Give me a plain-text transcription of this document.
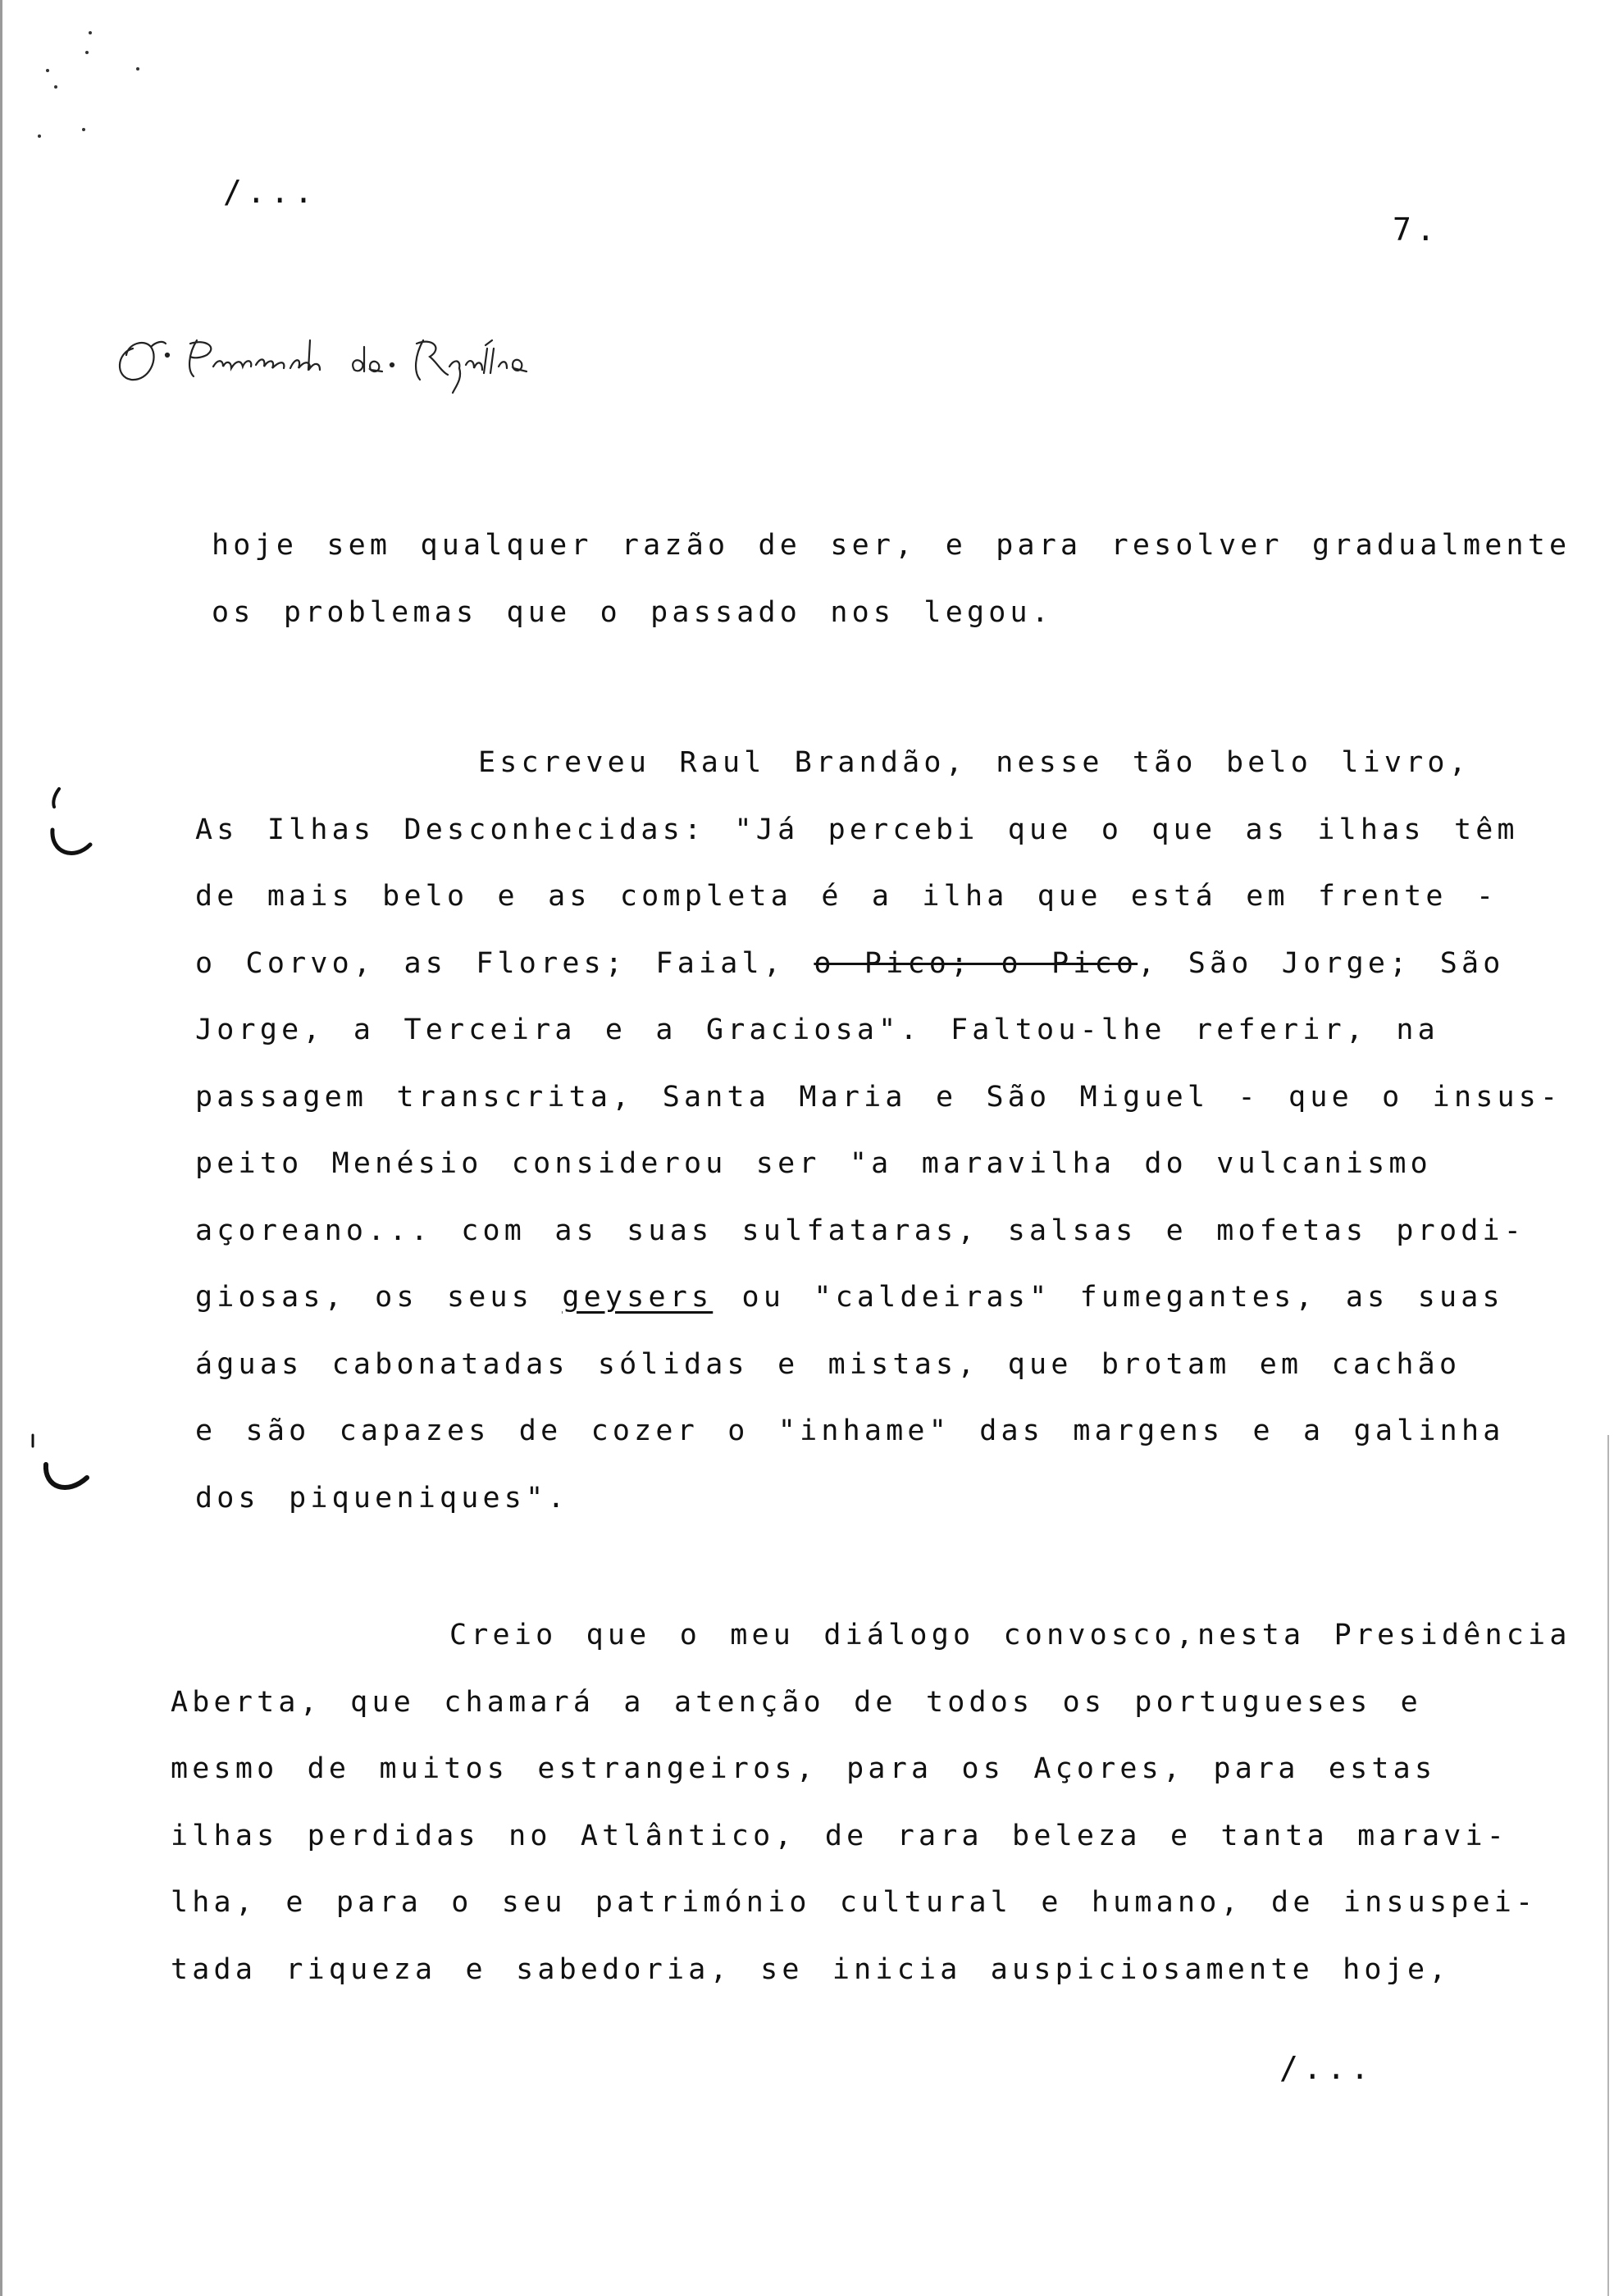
/...
7.
hoje sem qualquer razão de ser, e para resolver gradualmente
os problemas que o passado nos legou.
Escreveu Raul Brandão, nesse tão belo livro,
As Ilhas Desconhecidas: "Já percebi que o que as ilhas têm
de mais belo e as completa é a ilha que está em frente -
o Corvo, as Flores; Faial, o Pico; o Pico, São Jorge; São
Jorge, a Terceira e a Graciosa". Faltou-lhe referir, na
passagem transcrita, Santa Maria e São Miguel - que o insus-
peito Menésio considerou ser "a maravilha do vulcanismo
açoreano... com as suas sulfataras, salsas e mofetas prodi-
giosas, os seus geysers ou "caldeiras" fumegantes, as suas
águas cabonatadas sólidas e mistas, que brotam em cachão
e são capazes de cozer o "inhame" das margens e a galinha
dos piqueniques".
Creio que o meu diálogo convosco,nesta Presidência
Aberta, que chamará a atenção de todos os portugueses e
mesmo de muitos estrangeiros, para os Açores, para estas
ilhas perdidas no Atlântico, de rara beleza e tanta maravi-
lha, e para o seu património cultural e humano, de insuspei-
tada riqueza e sabedoria, se inicia auspiciosamente hoje,
/...
